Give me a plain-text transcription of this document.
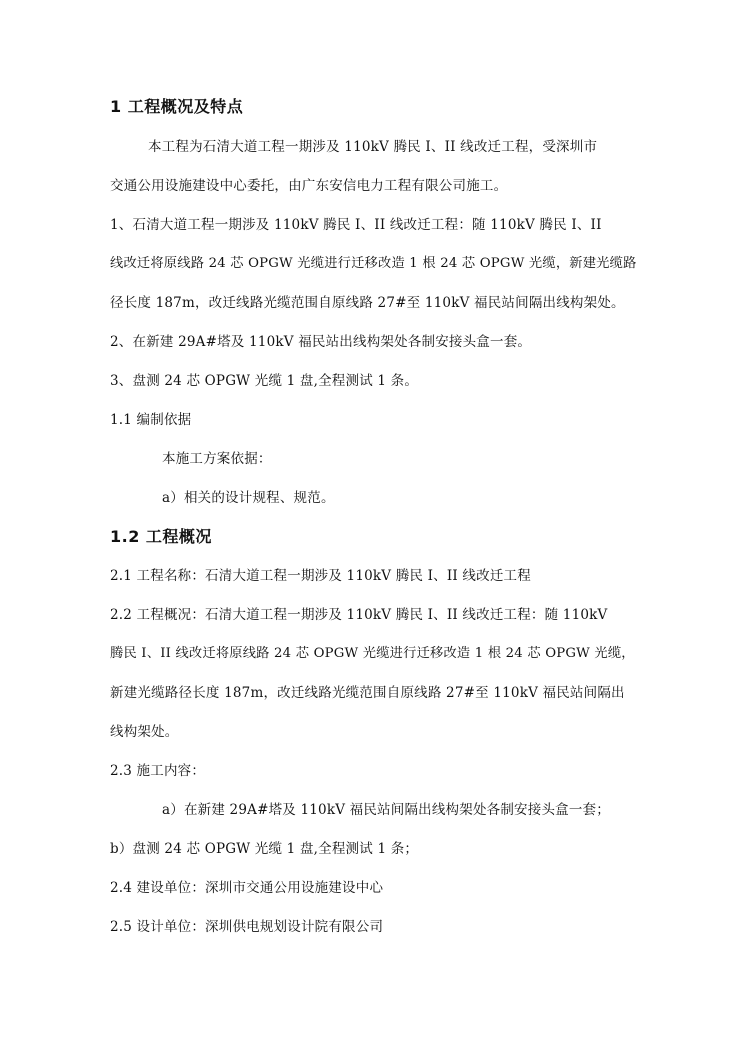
1 工程概况及特点
本工程为石清大道工程一期涉及 110kV 腾民 I、II 线改迁工程，受深圳市
交通公用设施建设中心委托，由广东安信电力工程有限公司施工。
1、石清大道工程一期涉及 110kV 腾民 I、II 线改迁工程：随 110kV 腾民 I、II
线改迁将原线路 24 芯 OPGW 光缆进行迁移改造 1 根 24 芯 OPGW 光缆，新建光缆路
径长度 187m，改迁线路光缆范围自原线路 27#至 110kV 福民站间隔出线构架处。
2、在新建 29A#塔及 110kV 福民站出线构架处各制安接头盒一套。
3、盘测 24 芯 OPGW 光缆 1 盘,全程测试 1 条。
1.1 编制依据
本施工方案依据：
a）相关的设计规程、规范。
1.2 工程概况
2.1 工程名称：石清大道工程一期涉及 110kV 腾民 I、II 线改迁工程
2.2 工程概况：石清大道工程一期涉及 110kV 腾民 I、II 线改迁工程：随 110kV
腾民 I、II 线改迁将原线路 24 芯 OPGW 光缆进行迁移改造 1 根 24 芯 OPGW 光缆，
新建光缆路径长度 187m，改迁线路光缆范围自原线路 27#至 110kV 福民站间隔出
线构架处。
2.3 施工内容：
a）在新建 29A#塔及 110kV 福民站间隔出线构架处各制安接头盒一套；
b）盘测 24 芯 OPGW 光缆 1 盘,全程测试 1 条；
2.4 建设单位：深圳市交通公用设施建设中心
2.5 设计单位：深圳供电规划设计院有限公司
